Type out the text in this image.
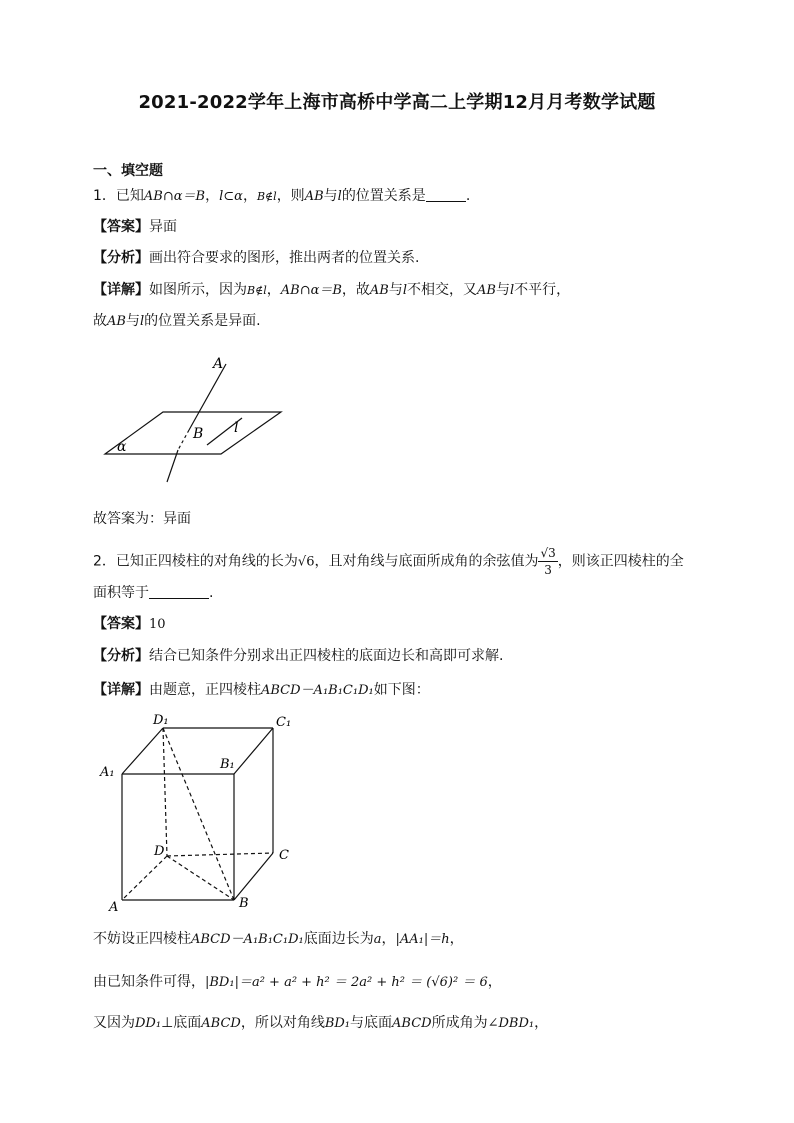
2021-2022学年上海市高桥中学高二上学期12月月考数学试题
一、填空题
1．已知AB∩α＝B，l⊂α，B∉l，则AB与l的位置关系是	.
【答案】异面
【分析】画出符合要求的图形，推出两者的位置关系.
【详解】如图所示，因为B∉l，AB∩α＝B，故AB与l不相交，又AB与l不平行，
故AB与l的位置关系是异面.
A
B l
α
故答案为：异面
2．已知正四棱柱的对角线的长为√6，且对角线与底面所成角的余弦值为 $\frac{√3}{3}$ ，则该正四棱柱的全
面积等于	.
【答案】10
【分析】结合已知条件分别求出正四棱柱的底面边长和高即可求解.
【详解】由题意，正四棱柱ABCD－A₁B₁C₁D₁如下图：
D₁	C₁
A₁
B₁
D	C
A	B
不妨设正四棱柱ABCD－A₁B₁C₁D₁底面边长为a，|AA₁|＝h，
由已知条件可得，|BD₁|＝a² + a² + h² ＝ 2a² + h² ＝ (√6)² ＝ 6，
又因为DD₁⊥底面ABCD，所以对角线BD₁与底面ABCD所成角为∠DBD₁，
